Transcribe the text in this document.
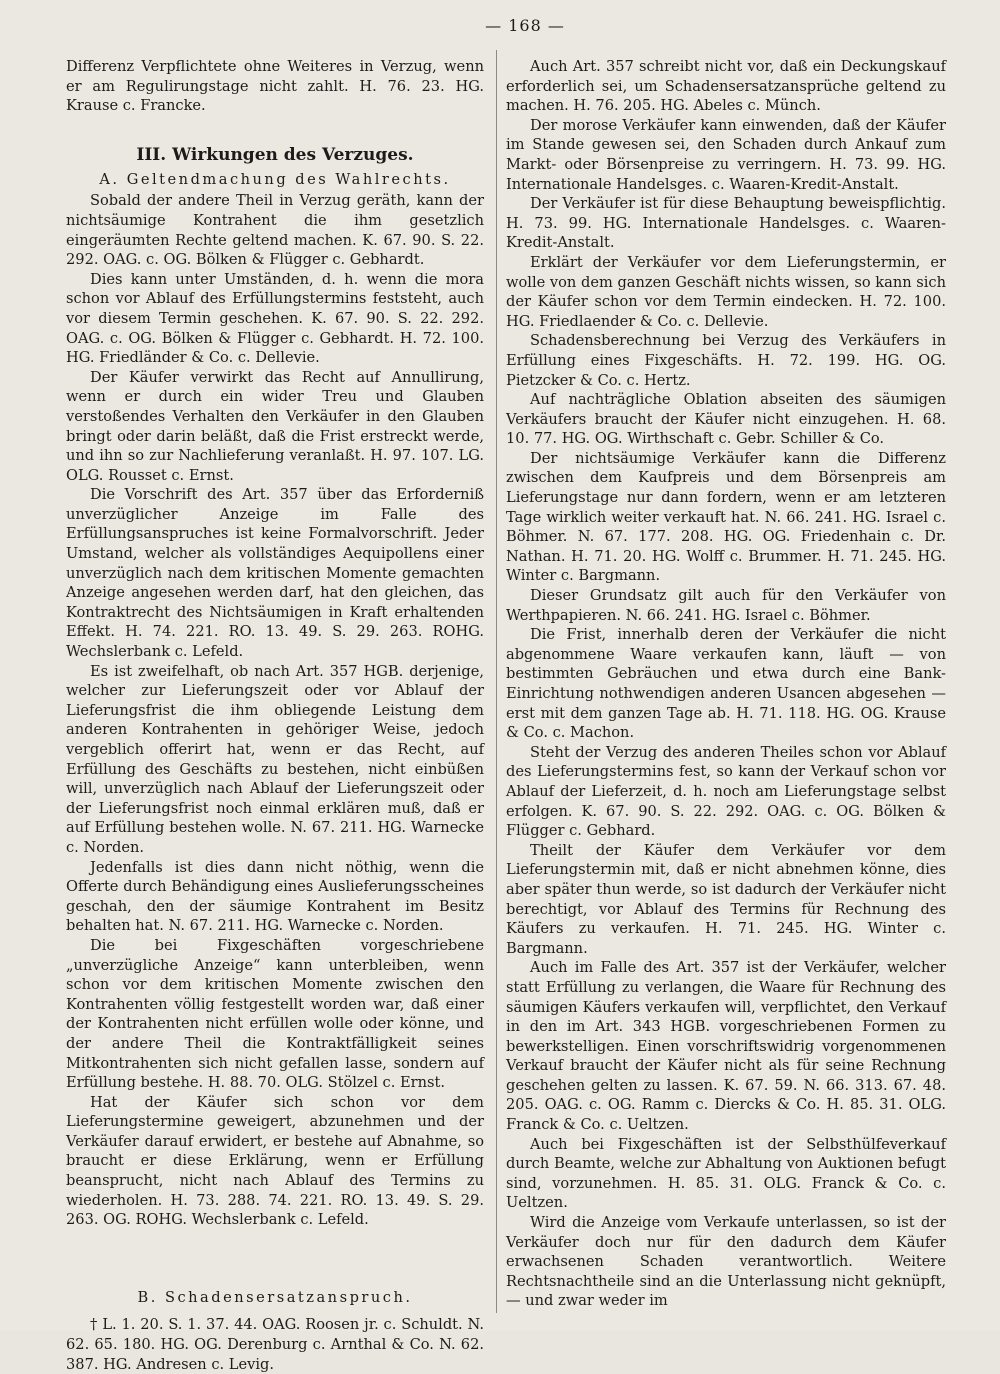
— 168 —

Differenz Verpflichtete ohne Weiteres in Verzug, wenn er am Regulirungstage nicht zahlt. H. 76. 23. HG. Krause c. Francke.

III. Wirkungen des Verzuges.
A. Geltendmachung des Wahlrechts.

Sobald der andere Theil in Verzug geräth, kann der nichtsäumige Kontrahent die ihm gesetzlich eingeräumten Rechte geltend machen. K. 67. 90. S. 22. 292. OAG. c. OG. Bölken & Flügger c. Gebhardt.

Dies kann unter Umständen, d. h. wenn die mora schon vor Ablauf des Erfüllungstermins feststeht, auch vor diesem Termin geschehen. K. 67. 90. S. 22. 292. OAG. c. OG. Bölken & Flügger c. Gebhardt. H. 72. 100. HG. Friedländer & Co. c. Dellevie.

Der Käufer verwirkt das Recht auf Annullirung, wenn er durch ein wider Treu und Glauben verstoßendes Verhalten den Verkäufer in den Glauben bringt oder darin beläßt, daß die Frist erstreckt werde, und ihn so zur Nachlieferung veranlaßt. H. 97. 107. LG. OLG. Rousset c. Ernst.

Die Vorschrift des Art. 357 über das Erforderniß unverzüglicher Anzeige im Falle des Erfüllungsanspruches ist keine Formalvorschrift. Jeder Umstand, welcher als vollständiges Aequipollens einer unverzüglich nach dem kritischen Momente gemachten Anzeige angesehen werden darf, hat den gleichen, das Kontraktrecht des Nichtsäumigen in Kraft erhaltenden Effekt. H. 74. 221. RO. 13. 49. S. 29. 263. ROHG. Wechslerbank c. Lefeld.

Es ist zweifelhaft, ob nach Art. 357 HGB. derjenige, welcher zur Lieferungszeit oder vor Ablauf der Lieferungsfrist die ihm obliegende Leistung dem anderen Kontrahenten in gehöriger Weise, jedoch vergeblich offerirt hat, wenn er das Recht, auf Erfüllung des Geschäfts zu bestehen, nicht einbüßen will, unverzüglich nach Ablauf der Lieferungszeit oder der Lieferungsfrist noch einmal erklären muß, daß er auf Erfüllung bestehen wolle. N. 67. 211. HG. Warnecke c. Norden.

Jedenfalls ist dies dann nicht nöthig, wenn die Offerte durch Behändigung eines Auslieferungsscheines geschah, den der säumige Kontrahent im Besitz behalten hat. N. 67. 211. HG. Warnecke c. Norden.

Die bei Fixgeschäften vorgeschriebene „unverzügliche Anzeige“ kann unterbleiben, wenn schon vor dem kritischen Momente zwischen den Kontrahenten völlig festgestellt worden war, daß einer der Kontrahenten nicht erfüllen wolle oder könne, und der andere Theil die Kontraktfälligkeit seines Mitkontrahenten sich nicht gefallen lasse, sondern auf Erfüllung bestehe. H. 88. 70. OLG. Stölzel c. Ernst.

Hat der Käufer sich schon vor dem Lieferungstermine geweigert, abzunehmen und der Verkäufer darauf erwidert, er bestehe auf Abnahme, so braucht er diese Erklärung, wenn er Erfüllung beansprucht, nicht nach Ablauf des Termins zu wiederholen. H. 73. 288. 74. 221. RO. 13. 49. S. 29. 263. OG. ROHG. Wechslerbank c. Lefeld.

B. Schadensersatzanspruch.

† L. 1. 20. S. 1. 37. 44. OAG. Roosen jr. c. Schuldt. N. 62. 65. 180. HG. OG. Derenburg c. Arnthal & Co. N. 62. 387. HG. Andresen c. Levig.

Auch Art. 357 schreibt nicht vor, daß ein Deckungskauf erforderlich sei, um Schadensersatzansprüche geltend zu machen. H. 76. 205. HG. Abeles c. Münch.

Der morose Verkäufer kann einwenden, daß der Käufer im Stande gewesen sei, den Schaden durch Ankauf zum Markt- oder Börsenpreise zu verringern. H. 73. 99. HG. Internationale Handelsges. c. Waaren-Kredit-Anstalt.

Der Verkäufer ist für diese Behauptung beweispflichtig. H. 73. 99. HG. Internationale Handelsges. c. Waaren-Kredit-Anstalt.

Erklärt der Verkäufer vor dem Lieferungstermin, er wolle von dem ganzen Geschäft nichts wissen, so kann sich der Käufer schon vor dem Termin eindecken. H. 72. 100. HG. Friedlaender & Co. c. Dellevie.

Schadensberechnung bei Verzug des Verkäufers in Erfüllung eines Fixgeschäfts. H. 72. 199. HG. OG. Pietzcker & Co. c. Hertz.

Auf nachträgliche Oblation abseiten des säumigen Verkäufers braucht der Käufer nicht einzugehen. H. 68. 10. 77. HG. OG. Wirthschaft c. Gebr. Schiller & Co.

Der nichtsäumige Verkäufer kann die Differenz zwischen dem Kaufpreis und dem Börsenpreis am Lieferungstage nur dann fordern, wenn er am letzteren Tage wirklich weiter verkauft hat. N. 66. 241. HG. Israel c. Böhmer. N. 67. 177. 208. HG. OG. Friedenhain c. Dr. Nathan. H. 71. 20. HG. Wolff c. Brummer. H. 71. 245. HG. Winter c. Bargmann.

Dieser Grundsatz gilt auch für den Verkäufer von Werthpapieren. N. 66. 241. HG. Israel c. Böhmer.

Die Frist, innerhalb deren der Verkäufer die nicht abgenommene Waare verkaufen kann, läuft — von bestimmten Gebräuchen und etwa durch eine Bank-Einrichtung nothwendigen anderen Usancen abgesehen — erst mit dem ganzen Tage ab. H. 71. 118. HG. OG. Krause & Co. c. Machon.

Steht der Verzug des anderen Theiles schon vor Ablauf des Lieferungstermins fest, so kann der Verkauf schon vor Ablauf der Lieferzeit, d. h. noch am Lieferungstage selbst erfolgen. K. 67. 90. S. 22. 292. OAG. c. OG. Bölken & Flügger c. Gebhard.

Theilt der Käufer dem Verkäufer vor dem Lieferungstermin mit, daß er nicht abnehmen könne, dies aber später thun werde, so ist dadurch der Verkäufer nicht berechtigt, vor Ablauf des Termins für Rechnung des Käufers zu verkaufen. H. 71. 245. HG. Winter c. Bargmann.

Auch im Falle des Art. 357 ist der Verkäufer, welcher statt Erfüllung zu verlangen, die Waare für Rechnung des säumigen Käufers verkaufen will, verpflichtet, den Verkauf in den im Art. 343 HGB. vorgeschriebenen Formen zu bewerkstelligen. Einen vorschriftswidrig vorgenommenen Verkauf braucht der Käufer nicht als für seine Rechnung geschehen gelten zu lassen. K. 67. 59. N. 66. 313. 67. 48. 205. OAG. c. OG. Ramm c. Diercks & Co. H. 85. 31. OLG. Franck & Co. c. Ueltzen.

Auch bei Fixgeschäften ist der Selbsthülfeverkauf durch Beamte, welche zur Abhaltung von Auktionen befugt sind, vorzunehmen. H. 85. 31. OLG. Franck & Co. c. Ueltzen.

Wird die Anzeige vom Verkaufe unterlassen, so ist der Verkäufer doch nur für den dadurch dem Käufer erwachsenen Schaden verantwortlich. Weitere Rechtsnachtheile sind an die Unterlassung nicht geknüpft, — und zwar weder im
